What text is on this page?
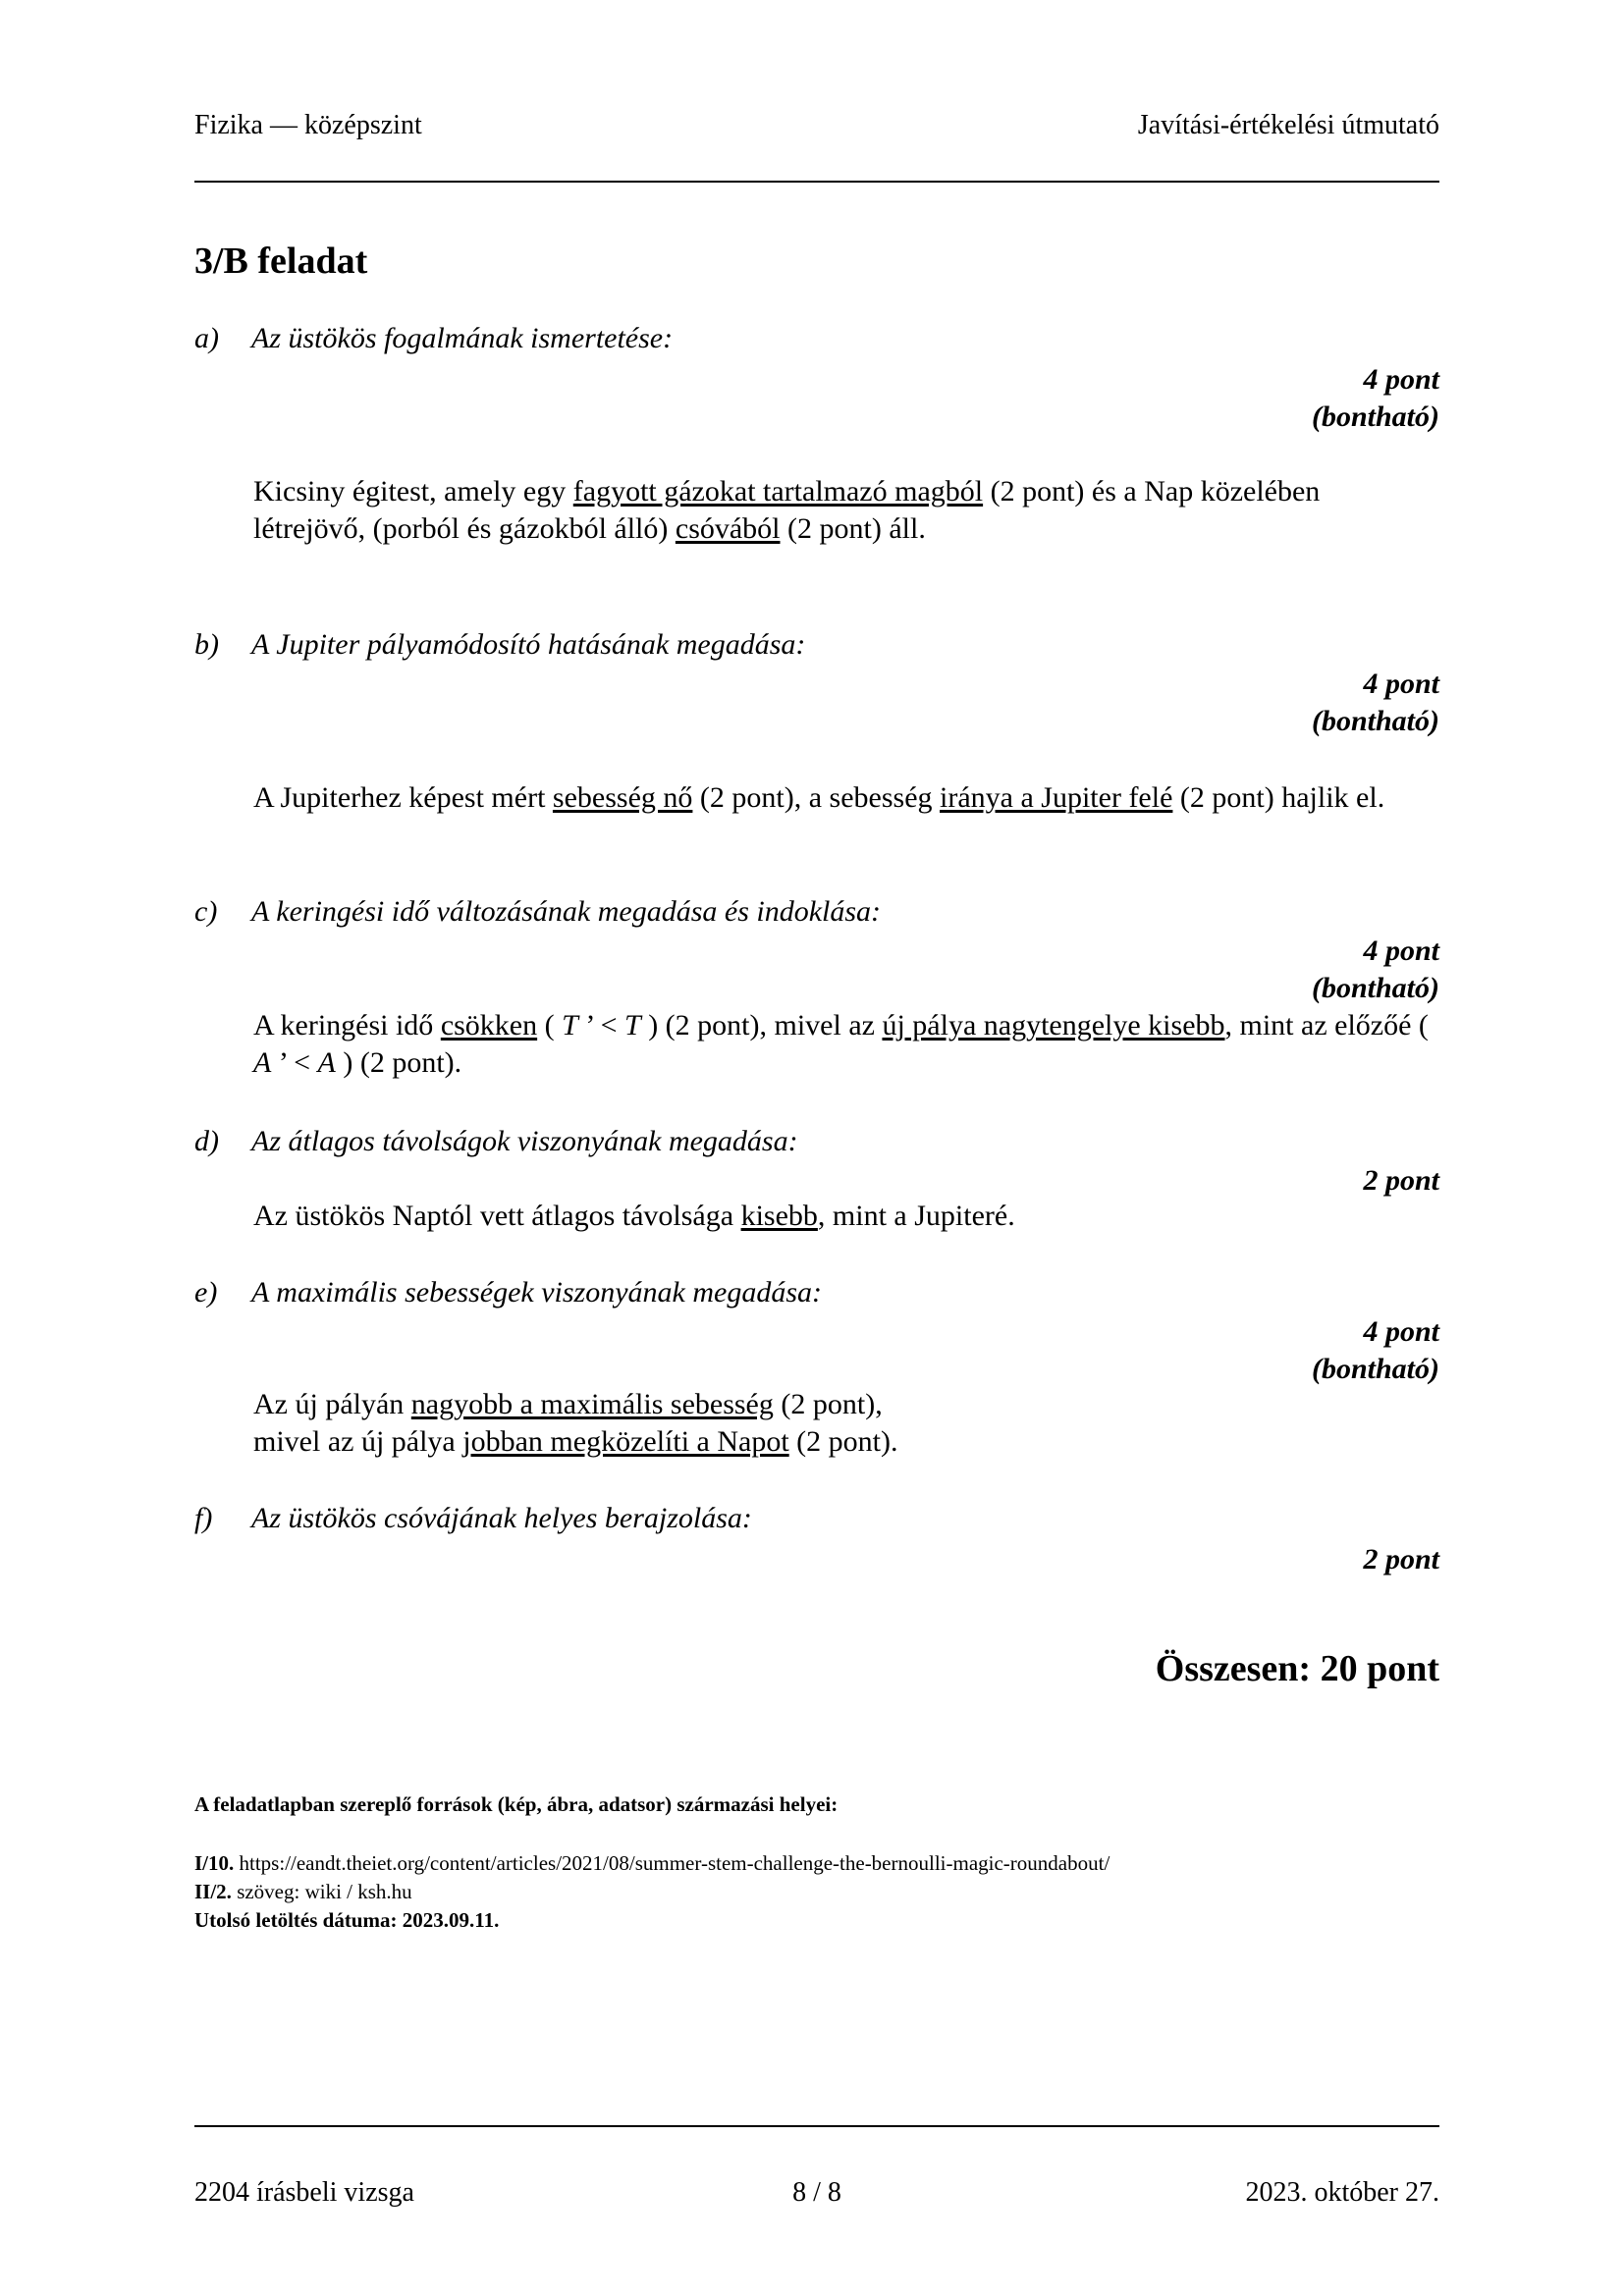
Fizika — középszint	Javítási-értékelési útmutató
3/B feladat
a) Az üstökös fogalmának ismertetése:
4 pont
(bontható)
Kicsiny égitest, amely egy fagyott gázokat tartalmazó magból (2 pont) és a Nap közelében létrejövő, (porból és gázokból álló) csóvából (2 pont) áll.
b) A Jupiter pályamódosító hatásának megadása:
4 pont
(bontható)
A Jupiterhez képest mért sebesség nő (2 pont), a sebesség iránya a Jupiter felé (2 pont) hajlik el.
c) A keringési idő változásának megadása és indoklása:
4 pont
(bontható)
A keringési idő csökken ( T ’ < T ) (2 pont), mivel az új pálya nagytengelye kisebb, mint az előzőé ( A ’ < A ) (2 pont).
d) Az átlagos távolságok viszonyának megadása:
2 pont
Az üstökös Naptól vett átlagos távolsága kisebb, mint a Jupiteré.
e) A maximális sebességek viszonyának megadása:
4 pont
(bontható)
Az új pályán nagyobb a maximális sebesség (2 pont),
mivel az új pálya jobban megközelíti a Napot (2 pont).
f) Az üstökös csóvájának helyes berajzolása:
2 pont
Összesen: 20 pont
A feladatlapban szereplő források (kép, ábra, adatsor) származási helyei:
I/10. https://eandt.theiet.org/content/articles/2021/08/summer-stem-challenge-the-bernoulli-magic-roundabout/
II/2. szöveg: wiki / ksh.hu
Utolsó letöltés dátuma: 2023.09.11.
2204 írásbeli vizsga	8 / 8	2023. október 27.
